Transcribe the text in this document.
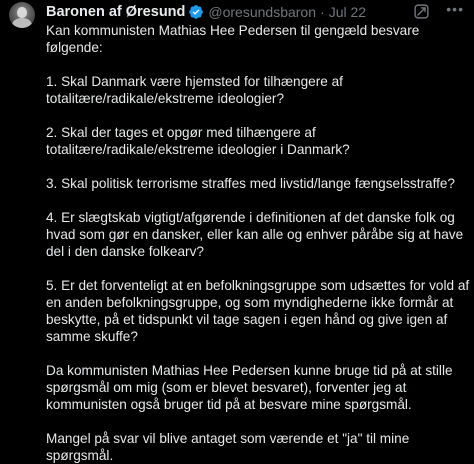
Baronen af Øresund @oresundsbaron · Jul 22	•••

Kan kommunisten Mathias Hee Pedersen til gengæld besvare følgende:

1. Skal Danmark være hjemsted for tilhængere af totalitære/radikale/ekstreme ideologier?

2. Skal der tages et opgør med tilhængere af totalitære/radikale/ekstreme ideologier i Danmark?

3. Skal politisk terrorisme straffes med livstid/lange fængselsstraffe?

4. Er slægtskab vigtigt/afgørende i definitionen af det danske folk og hvad som gør en dansker, eller kan alle og enhver påråbe sig at have del i den danske folkearv?

5. Er det forventeligt at en befolkningsgruppe som udsættes for vold af en anden befolkningsgruppe, og som myndighederne ikke formår at beskytte, på et tidspunkt vil tage sagen i egen hånd og give igen af samme skuffe?

Da kommunisten Mathias Hee Pedersen kunne bruge tid på at stille spørgsmål om mig (som er blevet besvaret), forventer jeg at kommunisten også bruger tid på at besvare mine spørgsmål.

Mangel på svar vil blive antaget som værende et "ja" til mine spørgsmål.
